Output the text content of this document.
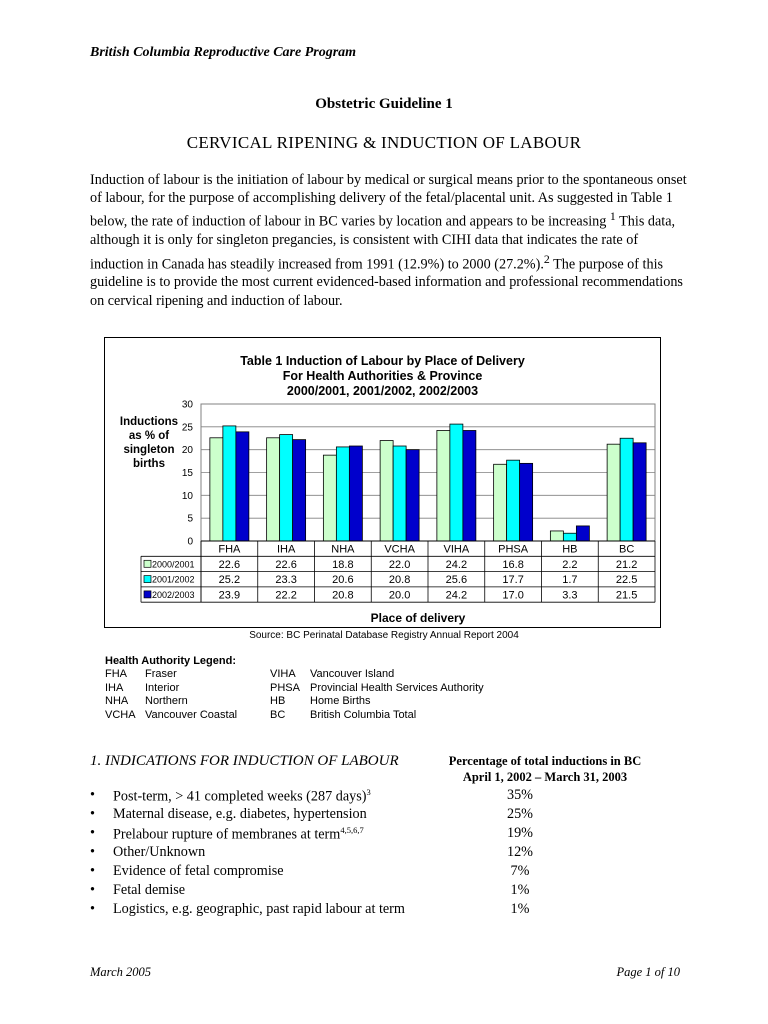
British Columbia Reproductive Care Program
Obstetric Guideline 1
CERVICAL RIPENING & INDUCTION OF LABOUR

Induction of labour is the initiation of labour by medical or surgical means prior to the spontaneous onset of labour, for the purpose of accomplishing delivery of the fetal/placental unit. As suggested in Table 1 below, the rate of induction of labour in BC varies by location and appears to be increasing $^1$ This data, although it is only for singleton pregancies, is consistent with CIHI data that indicates the rate of induction in Canada has steadily increased from 1991 (12.9%) to 2000 (27.2%).$^2$ The purpose of this guideline is to provide the most current evidenced-based information and professional recommendations on cervical ripening and induction of labour.

Table 1 Induction of Labour by Place of Delivery
For Health Authorities & Province
2000/2001, 2001/2002, 2002/2003
Inductions
as % of
singleton
births
0
5
10
15
20
25
30
FHA	IHA	NHA	VCHA	VIHA	PHSA	HB	BC
2000/2001 22.6	22.6	18.8	22.0	24.2	16.8	2.2	21.2
2001/2002 25.2	23.3	20.6	20.8	25.6	17.7	1.7	22.5
2002/2003 23.9	22.2	20.8	20.0	24.2	17.0	3.3	21.5
Place of delivery
Source: BC Perinatal Database Registry Annual Report 2004
Health Authority Legend:
FHA	Fraser	VIHA	Vancouver Island
IHA	Interior	PHSA	Provincial Health Services Authority
NHA	Northern	HB	Home Births
VCHA	Vancouver Coastal	BC	British Columbia Total
1. INDICATIONS FOR INDUCTION OF LABOUR	Percentage of total inductions in BC
April 1, 2002 – March 31, 2003
• Post-term, > 41 completed weeks (287 days)$^3$	35%
• Maternal disease, e.g. diabetes, hypertension	25%
• Prelabour rupture of membranes at term$^{4,5,6,7}$	19%
• Other/Unknown	12%
• Evidence of fetal compromise	7%
• Fetal demise	1%
• Logistics, e.g. geographic, past rapid labour at term	1%
March 2005	Page 1 of 10
